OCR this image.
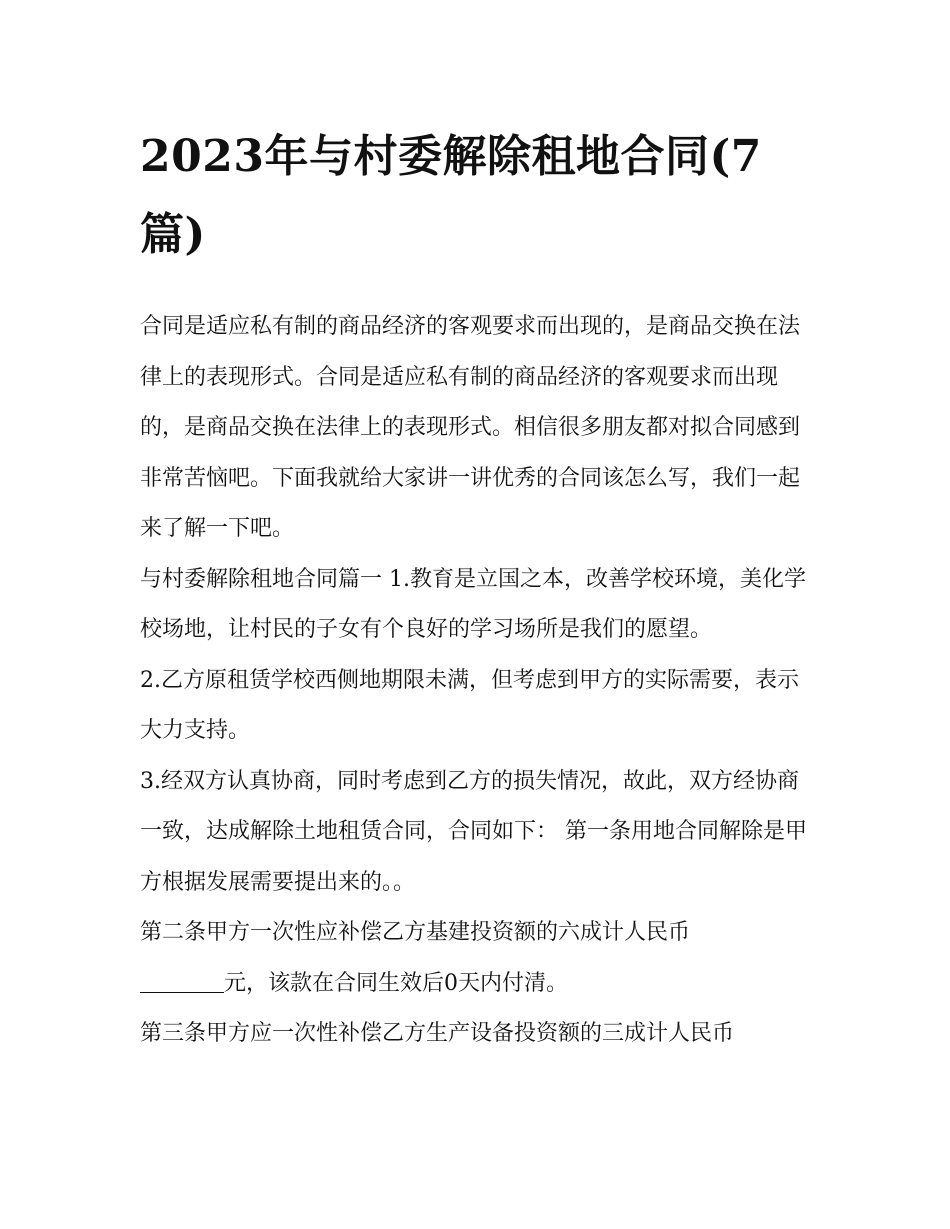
2023年与村委解除租地合同(7篇)

合同是适应私有制的商品经济的客观要求而出现的，是商品交换在法律上的表现形式。合同是适应私有制的商品经济的客观要求而出现的，是商品交换在法律上的表现形式。相信很多朋友都对拟合同感到非常苦恼吧。下面我就给大家讲一讲优秀的合同该怎么写，我们一起来了解一下吧。

与村委解除租地合同篇一 1.教育是立国之本，改善学校环境，美化学校场地，让村民的子女有个良好的学习场所是我们的愿望。

2.乙方原租赁学校西侧地期限未满，但考虑到甲方的实际需要，表示大力支持。

3.经双方认真协商，同时考虑到乙方的损失情况，故此，双方经协商一致，达成解除土地租赁合同，合同如下： 第一条用地合同解除是甲方根据发展需要提出来的。。

第二条甲方一次性应补偿乙方基建投资额的六成计人民币

元，该款在合同生效后0天内付清。

第三条甲方应一次性补偿乙方生产设备投资额的三成计人民币
